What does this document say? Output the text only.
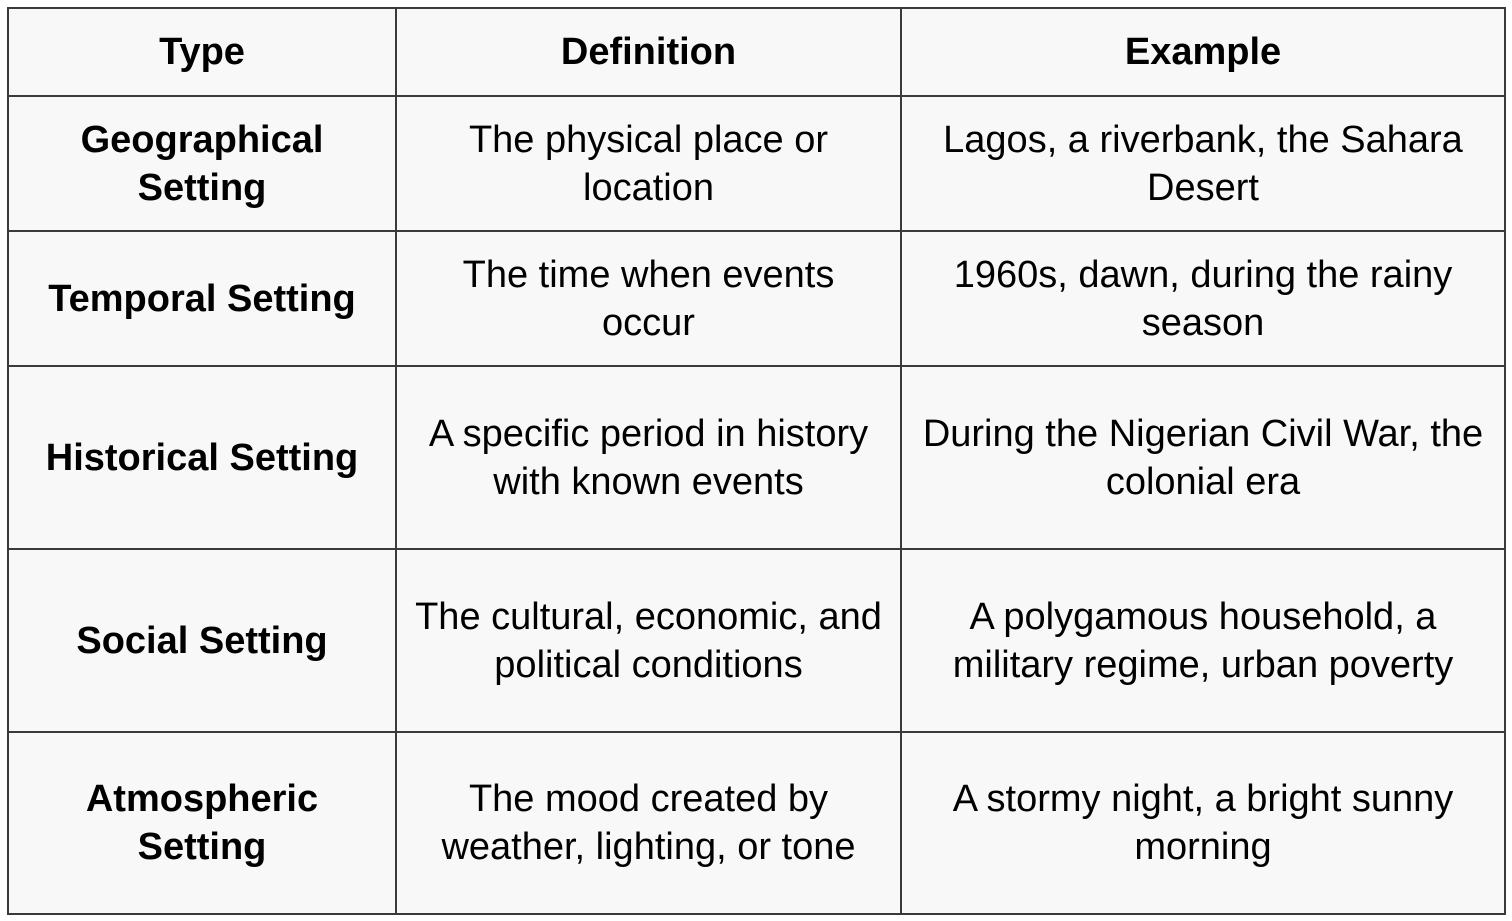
Type	Definition	Example
Geographical Setting	The physical place or location	Lagos, a riverbank, the Sahara Desert
Temporal Setting	The time when events occur	1960s, dawn, during the rainy season
Historical Setting	A specific period in history with known events	During the Nigerian Civil War, the colonial era
Social Setting	The cultural, economic, and political conditions	A polygamous household, a military regime, urban poverty
Atmospheric Setting	The mood created by weather, lighting, or tone	A stormy night, a bright sunny morning
